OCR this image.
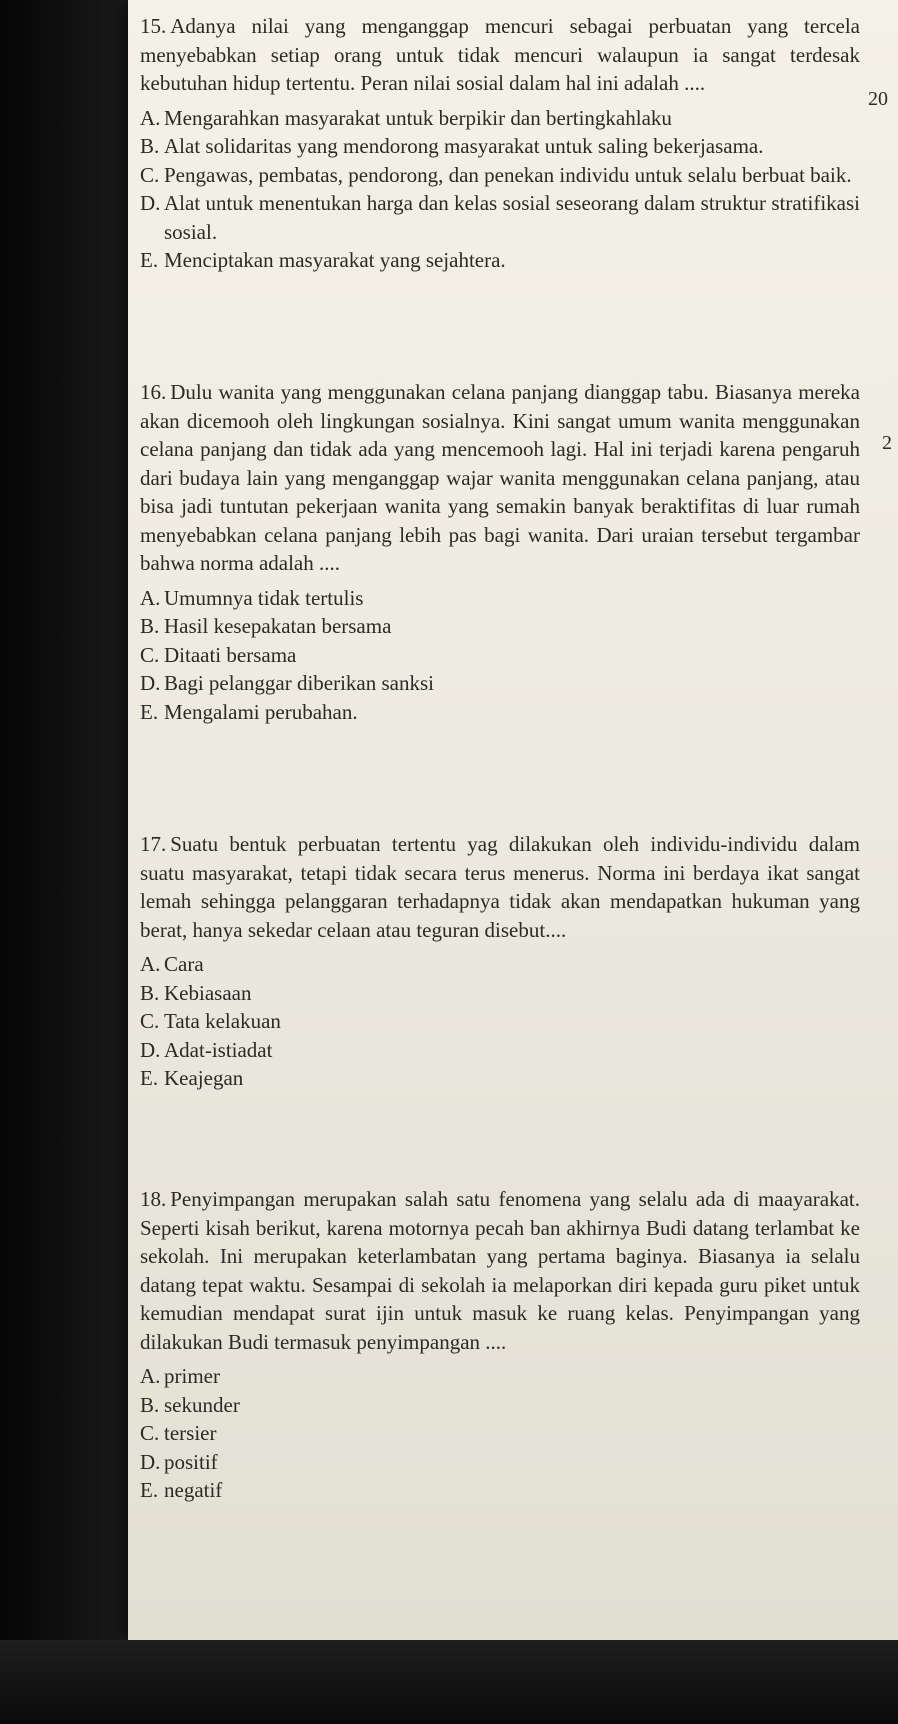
15. Adanya nilai yang menganggap mencuri sebagai perbuatan yang tercela menyebabkan setiap orang untuk tidak mencuri walaupun ia sangat terdesak kebutuhan hidup tertentu. Peran nilai sosial dalam hal ini adalah ....

A. Mengarahkan masyarakat untuk berpikir dan bertingkahlaku
B. Alat solidaritas yang mendorong masyarakat untuk saling bekerjasama.
C. Pengawas, pembatas, pendorong, dan penekan individu untuk selalu berbuat baik.
D. Alat untuk menentukan harga dan kelas sosial seseorang dalam struktur stratifikasi sosial.
E. Menciptakan masyarakat yang sejahtera.

16. Dulu wanita yang menggunakan celana panjang dianggap tabu. Biasanya mereka akan dicemooh oleh lingkungan sosialnya. Kini sangat umum wanita menggunakan celana panjang dan tidak ada yang mencemooh lagi. Hal ini terjadi karena pengaruh dari budaya lain yang menganggap wajar wanita menggunakan celana panjang, atau bisa jadi tuntutan pekerjaan wanita yang semakin banyak beraktifitas di luar rumah menyebabkan celana panjang lebih pas bagi wanita. Dari uraian tersebut tergambar bahwa norma adalah ....

A. Umumnya tidak tertulis
B. Hasil kesepakatan bersama
C. Ditaati bersama
D. Bagi pelanggar diberikan sanksi
E. Mengalami perubahan.

17. Suatu bentuk perbuatan tertentu yag dilakukan oleh individu-individu dalam suatu masyarakat, tetapi tidak secara terus menerus. Norma ini berdaya ikat sangat lemah sehingga pelanggaran terhadapnya tidak akan mendapatkan hukuman yang berat, hanya sekedar celaan atau teguran disebut....

A. Cara
B. Kebiasaan
C. Tata kelakuan
D. Adat-istiadat
E. Keajegan

18. Penyimpangan merupakan salah satu fenomena yang selalu ada di maayarakat. Seperti kisah berikut, karena motornya pecah ban akhirnya Budi datang terlambat ke sekolah. Ini merupakan keterlambatan yang pertama baginya. Biasanya ia selalu datang tepat waktu. Sesampai di sekolah ia melaporkan diri kepada guru piket untuk kemudian mendapat surat ijin untuk masuk ke ruang kelas. Penyimpangan yang dilakukan Budi termasuk penyimpangan ....

A. primer
B. sekunder
C. tersier
D. positif
E. negatif
20
2
